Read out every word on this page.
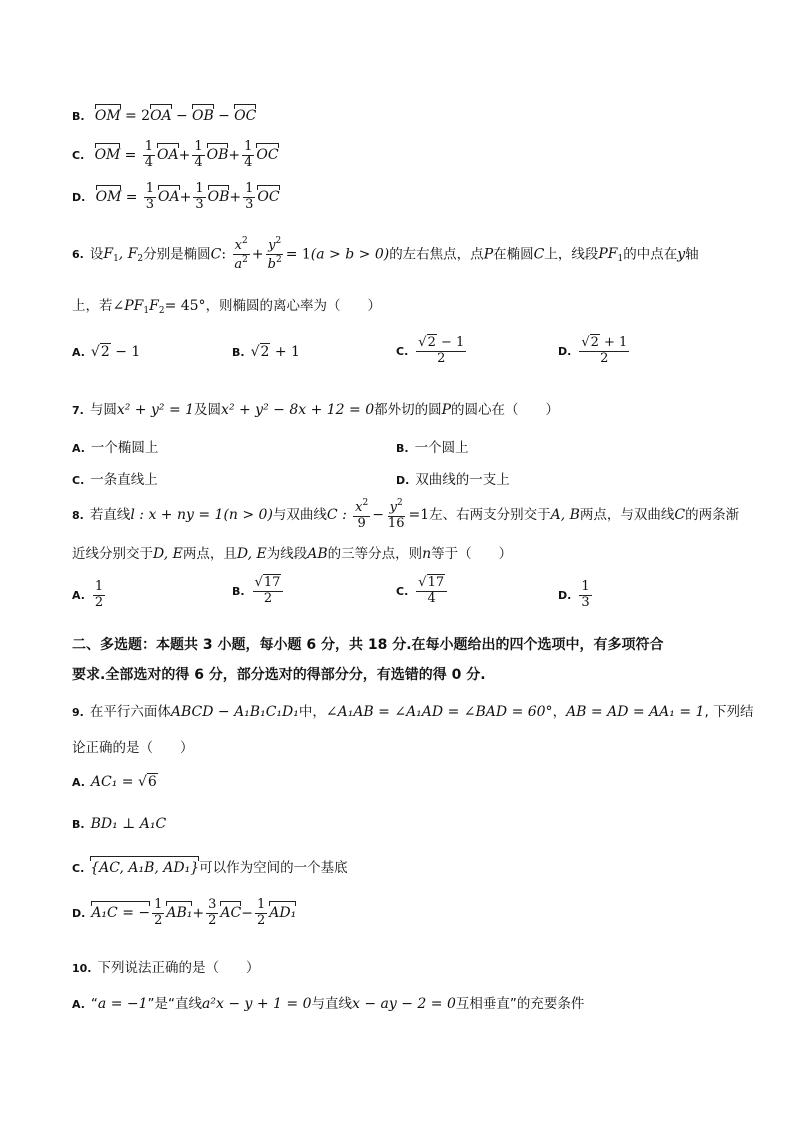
B. OM = 2OA − OB − OC
C. OM = $\frac{1}{4} OA+ \frac{1}{4} OB+ \frac{1}{4}$ OC
D. OM = $\frac{1}{3} OA+ \frac{1}{3} OB+ \frac{1}{3}$ OC
6. 设$F_1$, $F_2$分别是椭圆C: $\frac{x^2}{a^2} + \frac{y^2}{b^2} = 1(a > b > 0)$的左右焦点，点P在椭圆C上，线段$PF_1$的中点在y轴
上，若$\angle PF_1F_2= 45^\circ$，则椭圆的离心率为（　　）
A. √2 − 1	B. √2 + 1	C. $\frac{√2 - 1}{2}$	D. $\frac{√2 + 1}{2}$
7. 与圆x² + y² = 1及圆x² + y² − 8x + 12 = 0都外切的圆P的圆心在（　　）
A. 一个椭圆上	B. 一个圆上
C. 一条直线上	D. 双曲线的一支上
8. 若直线l : x + ny = 1(n > 0)与双曲线C : $\frac{x^2}{9} - \frac{y^2}{16} =1$左、右两支分别交于A, B两点，与双曲线C的两条渐
近线分别交于D, E两点，且D, E为线段AB的三等分点，则n等于（　　）
A. $\frac{1}{2}$	B. $\frac{√17}{2}$	C. $\frac{√17}{4}$	D. $\frac{1}{3}$
二、多选题：本题共 3 小题，每小题 6 分，共 18 分.在每小题给出的四个选项中，有多项符合
要求.全部选对的得 6 分，部分选对的得部分分，有选错的得 0 分.
9. 在平行六面体ABCD − A₁B₁C₁D₁中，∠A₁AB = ∠A₁AD = ∠BAD = 60°，AB = AD = AA₁ = 1, 下列结
论正确的是（　　）
A. AC₁ = √6
B. BD₁ ⊥ A₁C
C. {AC, A₁B, AD₁}可以作为空间的一个基底
D. A₁C = − $\frac{1}{2} AB_1+ \frac{3}{2} AC- \frac{1}{2} AD_1$
10. 下列说法正确的是（　　）
A. “a = −1”是“直线a²x − y + 1 = 0与直线x − ay − 2 = 0互相垂直”的充要条件
